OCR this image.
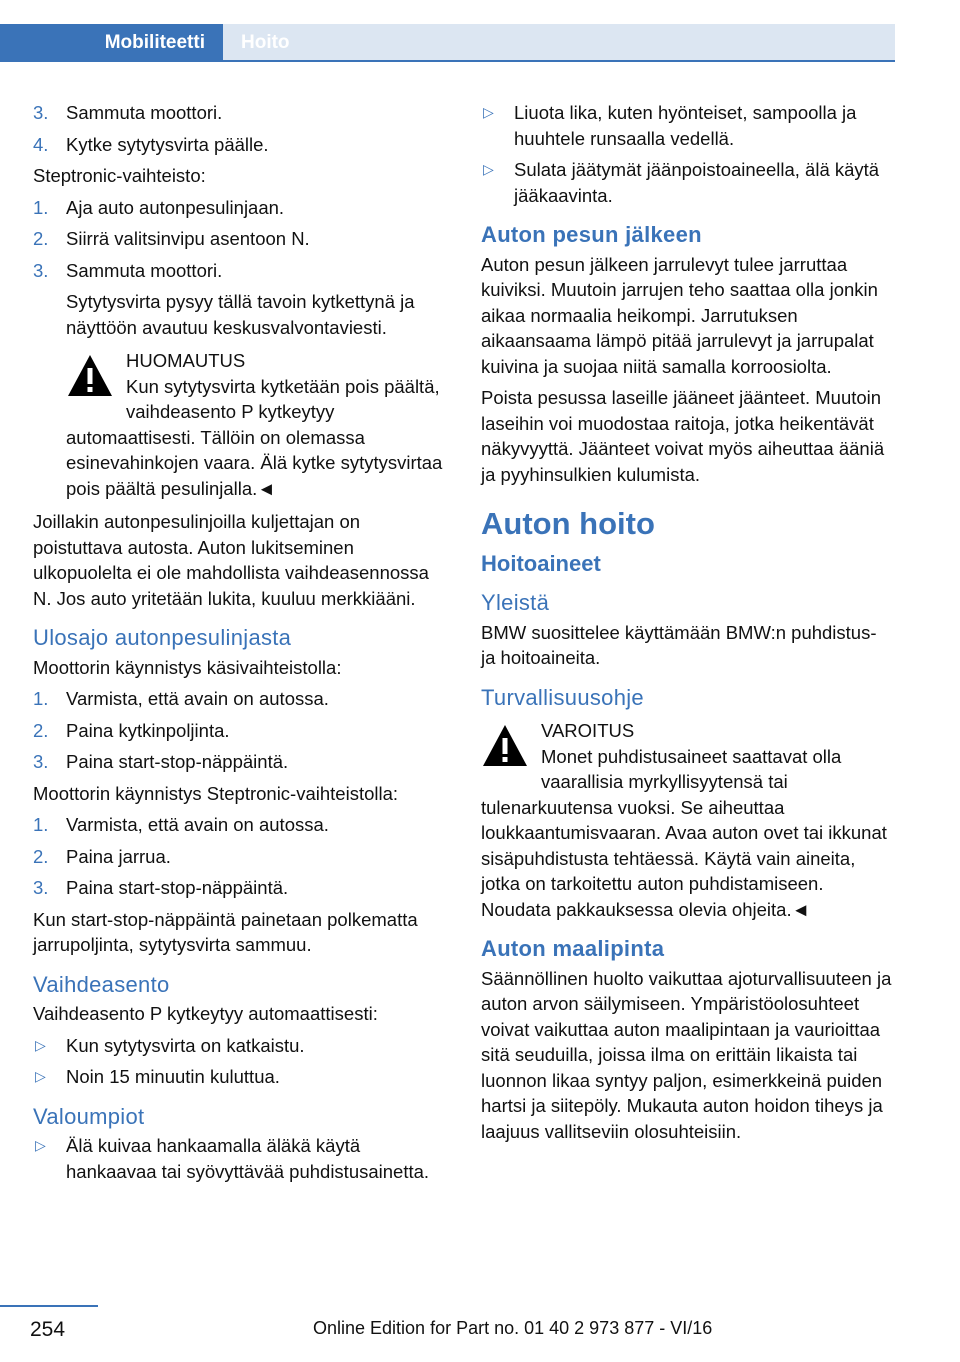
Mobiliteetti Hoito
3. Sammuta moottori.
4. Kytke sytytysvirta päälle.

Steptronic-vaihteisto:

1. Aja auto autonpesulinjaan.
2. Siirrä valitsinvipu asentoon N.
3. Sammuta moottori.

Sytytysvirta pysyy tällä tavoin kytkettynä ja näyttöön avautuu keskusvalvontaviesti.

HUOMAUTUS
Kun sytytysvirta kytketään pois päältä, vaihdeasento P kytkeytyy automaattisesti. Tällöin on olemassa esinevahinkojen vaara. Älä kytke sytytysvirtaa pois päältä pesulinjalla.◄

Joillakin autonpesulinjoilla kuljettajan on poistuttava autosta. Auton lukitseminen ulkopuolelta ei ole mahdollista vaihdeasennossa N. Jos auto yritetään lukita, kuuluu merkkiääni.

Ulosajo autonpesulinjasta

Moottorin käynnistys käsivaihteistolla:

1. Varmista, että avain on autossa.
2. Paina kytkinpoljinta.
3. Paina start-stop-näppäintä.

Moottorin käynnistys Steptronic-vaihteistolla:

1. Varmista, että avain on autossa.
2. Paina jarrua.
3. Paina start-stop-näppäintä.

Kun start-stop-näppäintä painetaan polkematta jarrupoljinta, sytytysvirta sammuu.

Vaihdeasento

Vaihdeasento P kytkeytyy automaattisesti:

▷ Kun sytytysvirta on katkaistu.
▷ Noin 15 minuutin kuluttua.
Valoumpiot
▷ Älä kuivaa hankaamalla äläkä käytä hankaavaa tai syövyttävää puhdistusainetta.
▷ Liuota lika, kuten hyönteiset, sampoolla ja huuhtele runsaalla vedellä.
▷ Sulata jäätymät jäänpoistoaineella, älä käytä jääkaavinta.
Auton pesun jälkeen

Auton pesun jälkeen jarrulevyt tulee jarruttaa kuiviksi. Muutoin jarrujen teho saattaa olla jonkin aikaa normaalia heikompi. Jarrutuksen aikaansaama lämpö pitää jarrulevyt ja jarrupalat kuivina ja suojaa niitä samalla korroosiolta.

Poista pesussa laseille jääneet jäänteet. Muutoin laseihin voi muodostaa raitoja, jotka heikentävät näkyvyyttä. Jäänteet voivat myös aiheuttaa ääniä ja pyyhinsulkien kulumista.

Auton hoito
Hoitoaineet
Yleistä

BMW suosittelee käyttämään BMW:n puhdistus- ja hoitoaineita.

Turvallisuusohje
VAROITUS
Monet puhdistusaineet saattavat olla vaarallisia myrkyllisyytensä tai tulenarkuutensa vuoksi. Se aiheuttaa loukkaantumisvaaran. Avaa auton ovet tai ikkunat sisäpuhdistusta tehtäessä. Käytä vain aineita, jotka on tarkoitettu auton puhdistamiseen. Noudata pakkauksessa olevia ohjeita.◄
Auton maalipinta

Säännöllinen huolto vaikuttaa ajoturvallisuuteen ja auton arvon säilymiseen. Ympäristöolosuhteet voivat vaikuttaa auton maalipintaan ja vaurioittaa sitä seuduilla, joissa ilma on erittäin likaista tai luonnon likaa syntyy paljon, esimerkkeinä puiden hartsi ja siitepöly. Mukauta auton hoidon tiheys ja laajuus vallitseviin olosuhteisiin.

254	Online Edition for Part no. 01 40 2 973 877 - VI/16
